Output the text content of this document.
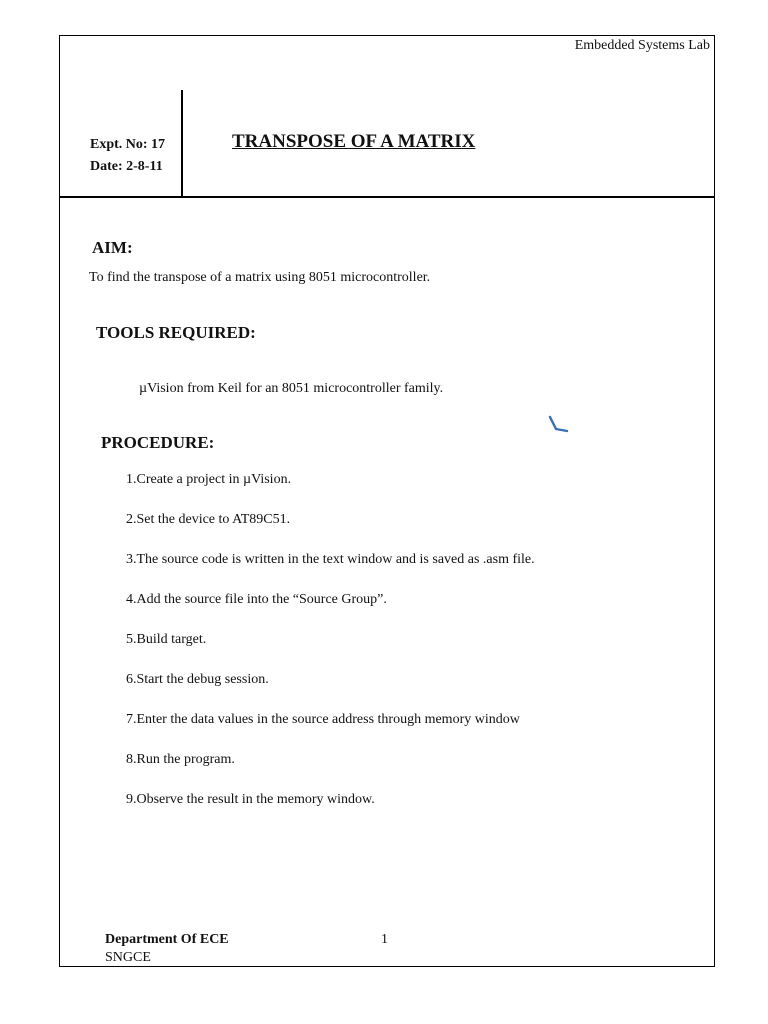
Embedded Systems Lab
Expt. No: 17
Date: 2-8-11
TRANSPOSE OF A MATRIX
AIM:
To find the transpose of a matrix using 8051 microcontroller.
TOOLS REQUIRED:
µVision from Keil for an 8051 microcontroller family.
PROCEDURE:
1.Create a project in µVision.
2.Set the device to AT89C51.
3.The source code is written in the text window and is saved as .asm file.
4.Add the source file into the “Source Group”.
5.Build target.
6.Start the debug session.
7.Enter the data values in the source address through memory window
8.Run the program.
9.Observe the result in the memory window.
Department Of ECE
SNGCE
1
